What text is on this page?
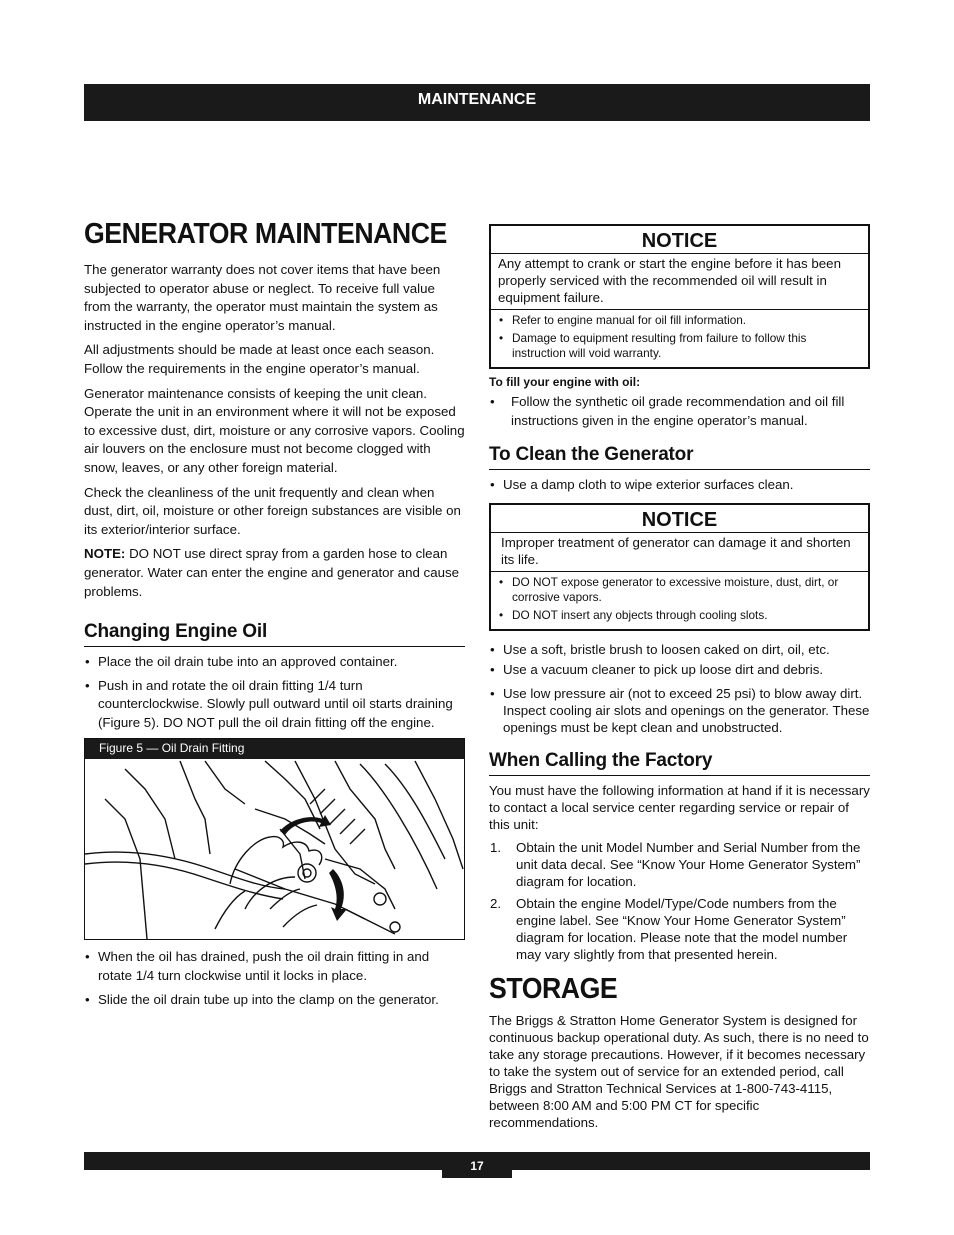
MAINTENANCE
GENERATOR MAINTENANCE

The generator warranty does not cover items that have been subjected to operator abuse or neglect. To receive full value from the warranty, the operator must maintain the system as instructed in the engine operator’s manual.

All adjustments should be made at least once each season. Follow the requirements in the engine operator’s manual.

Generator maintenance consists of keeping the unit clean. Operate the unit in an environment where it will not be exposed to excessive dust, dirt, moisture or any corrosive vapors. Cooling air louvers on the enclosure must not become clogged with snow, leaves, or any other foreign material.

Check the cleanliness of the unit frequently and clean when dust, dirt, oil, moisture or other foreign substances are visible on its exterior/interior surface.

NOTE: DO NOT use direct spray from a garden hose to clean generator. Water can enter the engine and generator and cause problems.

Changing Engine Oil
• Place the oil drain tube into an approved container.
• Push in and rotate the oil drain fitting 1/4 turn counterclockwise. Slowly pull outward until oil starts draining (Figure 5). DO NOT pull the oil drain fitting off the engine.
Figure 5 — Oil Drain Fitting
• When the oil has drained, push the oil drain fitting in and rotate 1/4 turn clockwise until it locks in place.
• Slide the oil drain tube up into the clamp on the generator.
NOTICE
Any attempt to crank or start the engine before it has been properly serviced with the recommended oil will result in equipment failure.
• Refer to engine manual for oil fill information.
• Damage to equipment resulting from failure to follow this instruction will void warranty.
To fill your engine with oil:
• Follow the synthetic oil grade recommendation and oil fill instructions given in the engine operator’s manual.
To Clean the Generator
• Use a damp cloth to wipe exterior surfaces clean.
NOTICE
Improper treatment of generator can damage it and shorten its life.
• DO NOT expose generator to excessive moisture, dust, dirt, or corrosive vapors.
• DO NOT insert any objects through cooling slots.
• Use a soft, bristle brush to loosen caked on dirt, oil, etc.
• Use a vacuum cleaner to pick up loose dirt and debris.
• Use low pressure air (not to exceed 25 psi) to blow away dirt. Inspect cooling air slots and openings on the generator. These openings must be kept clean and unobstructed.
When Calling the Factory

You must have the following information at hand if it is necessary to contact a local service center regarding service or repair of this unit:

1. Obtain the unit Model Number and Serial Number from the unit data decal. See “Know Your Home Generator System” diagram for location.
2. Obtain the engine Model/Type/Code numbers from the engine label. See “Know Your Home Generator System” diagram for location. Please note that the model number may vary slightly from that presented herein.
STORAGE

The Briggs & Stratton Home Generator System is designed for continuous backup operational duty. As such, there is no need to take any storage precautions. However, if it becomes necessary to take the system out of service for an extended period, call Briggs and Stratton Technical Services at 1-800-743-4115, between 8:00 AM and 5:00 PM CT for specific recommendations.

17
